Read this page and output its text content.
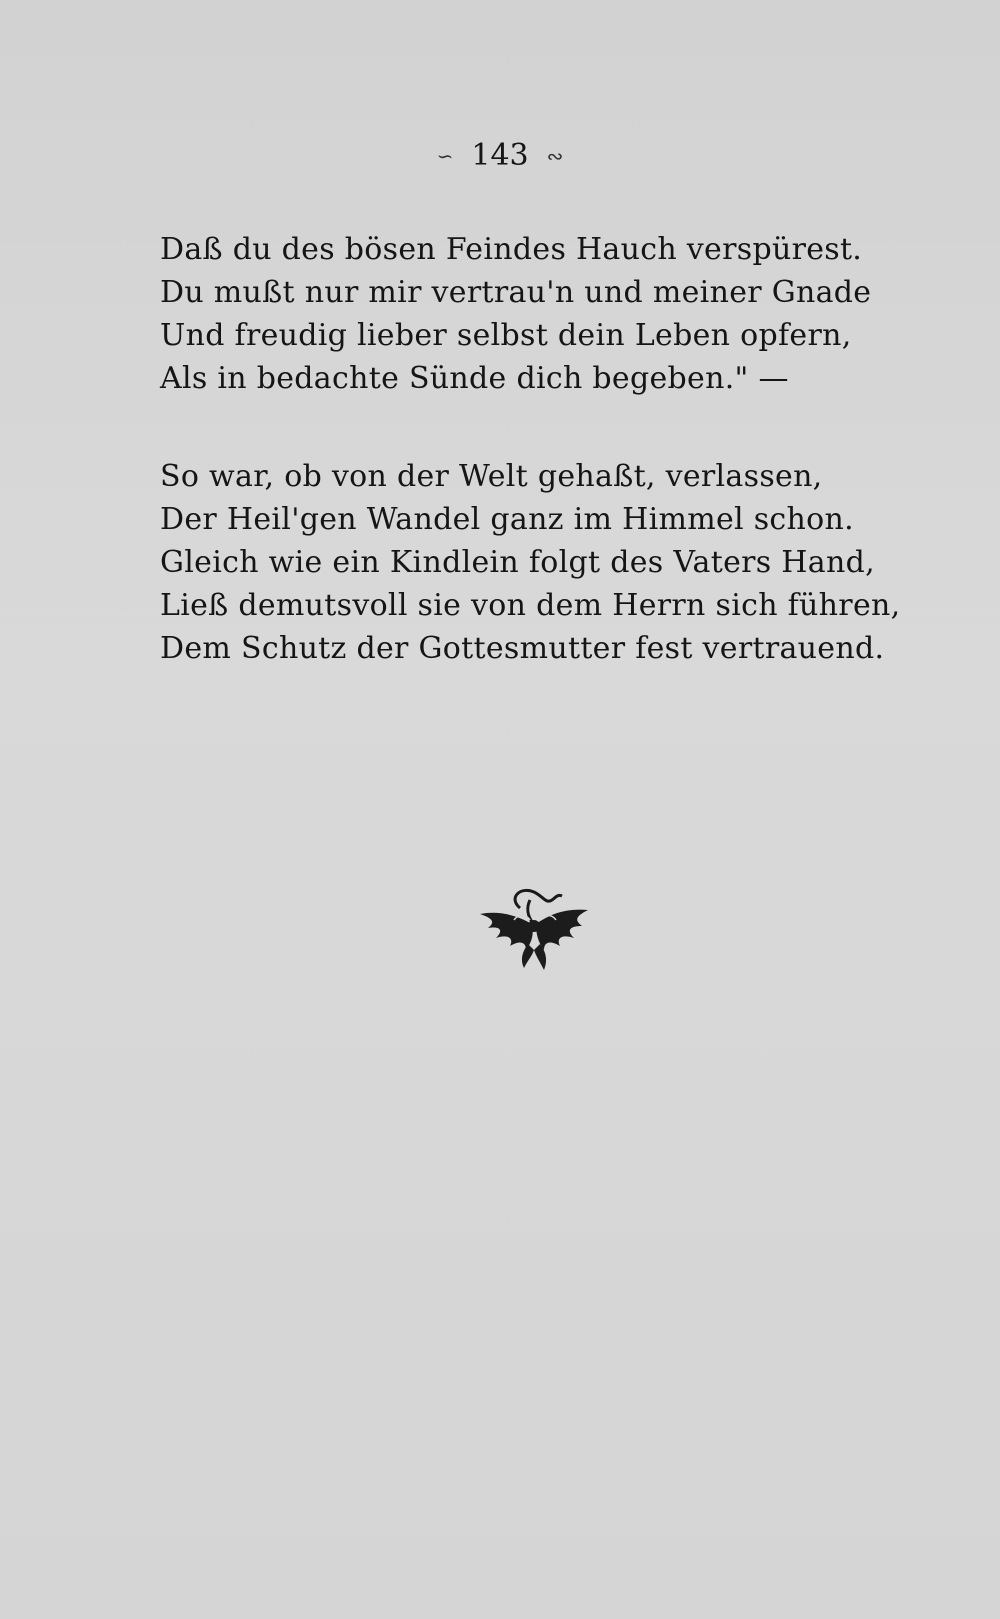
∽ 143 ∾
Daß du des bösen Feindes Hauch verspürest.
Du mußt nur mir vertrau'n und meiner Gnade
Und freudig lieber selbst dein Leben opfern,
Als in bedachte Sünde dich begeben." —
So war, ob von der Welt gehaßt, verlassen,
Der Heil'gen Wandel ganz im Himmel schon.
Gleich wie ein Kindlein folgt des Vaters Hand,
Ließ demutsvoll sie von dem Herrn sich führen,
Dem Schutz der Gottesmutter fest vertrauend.
